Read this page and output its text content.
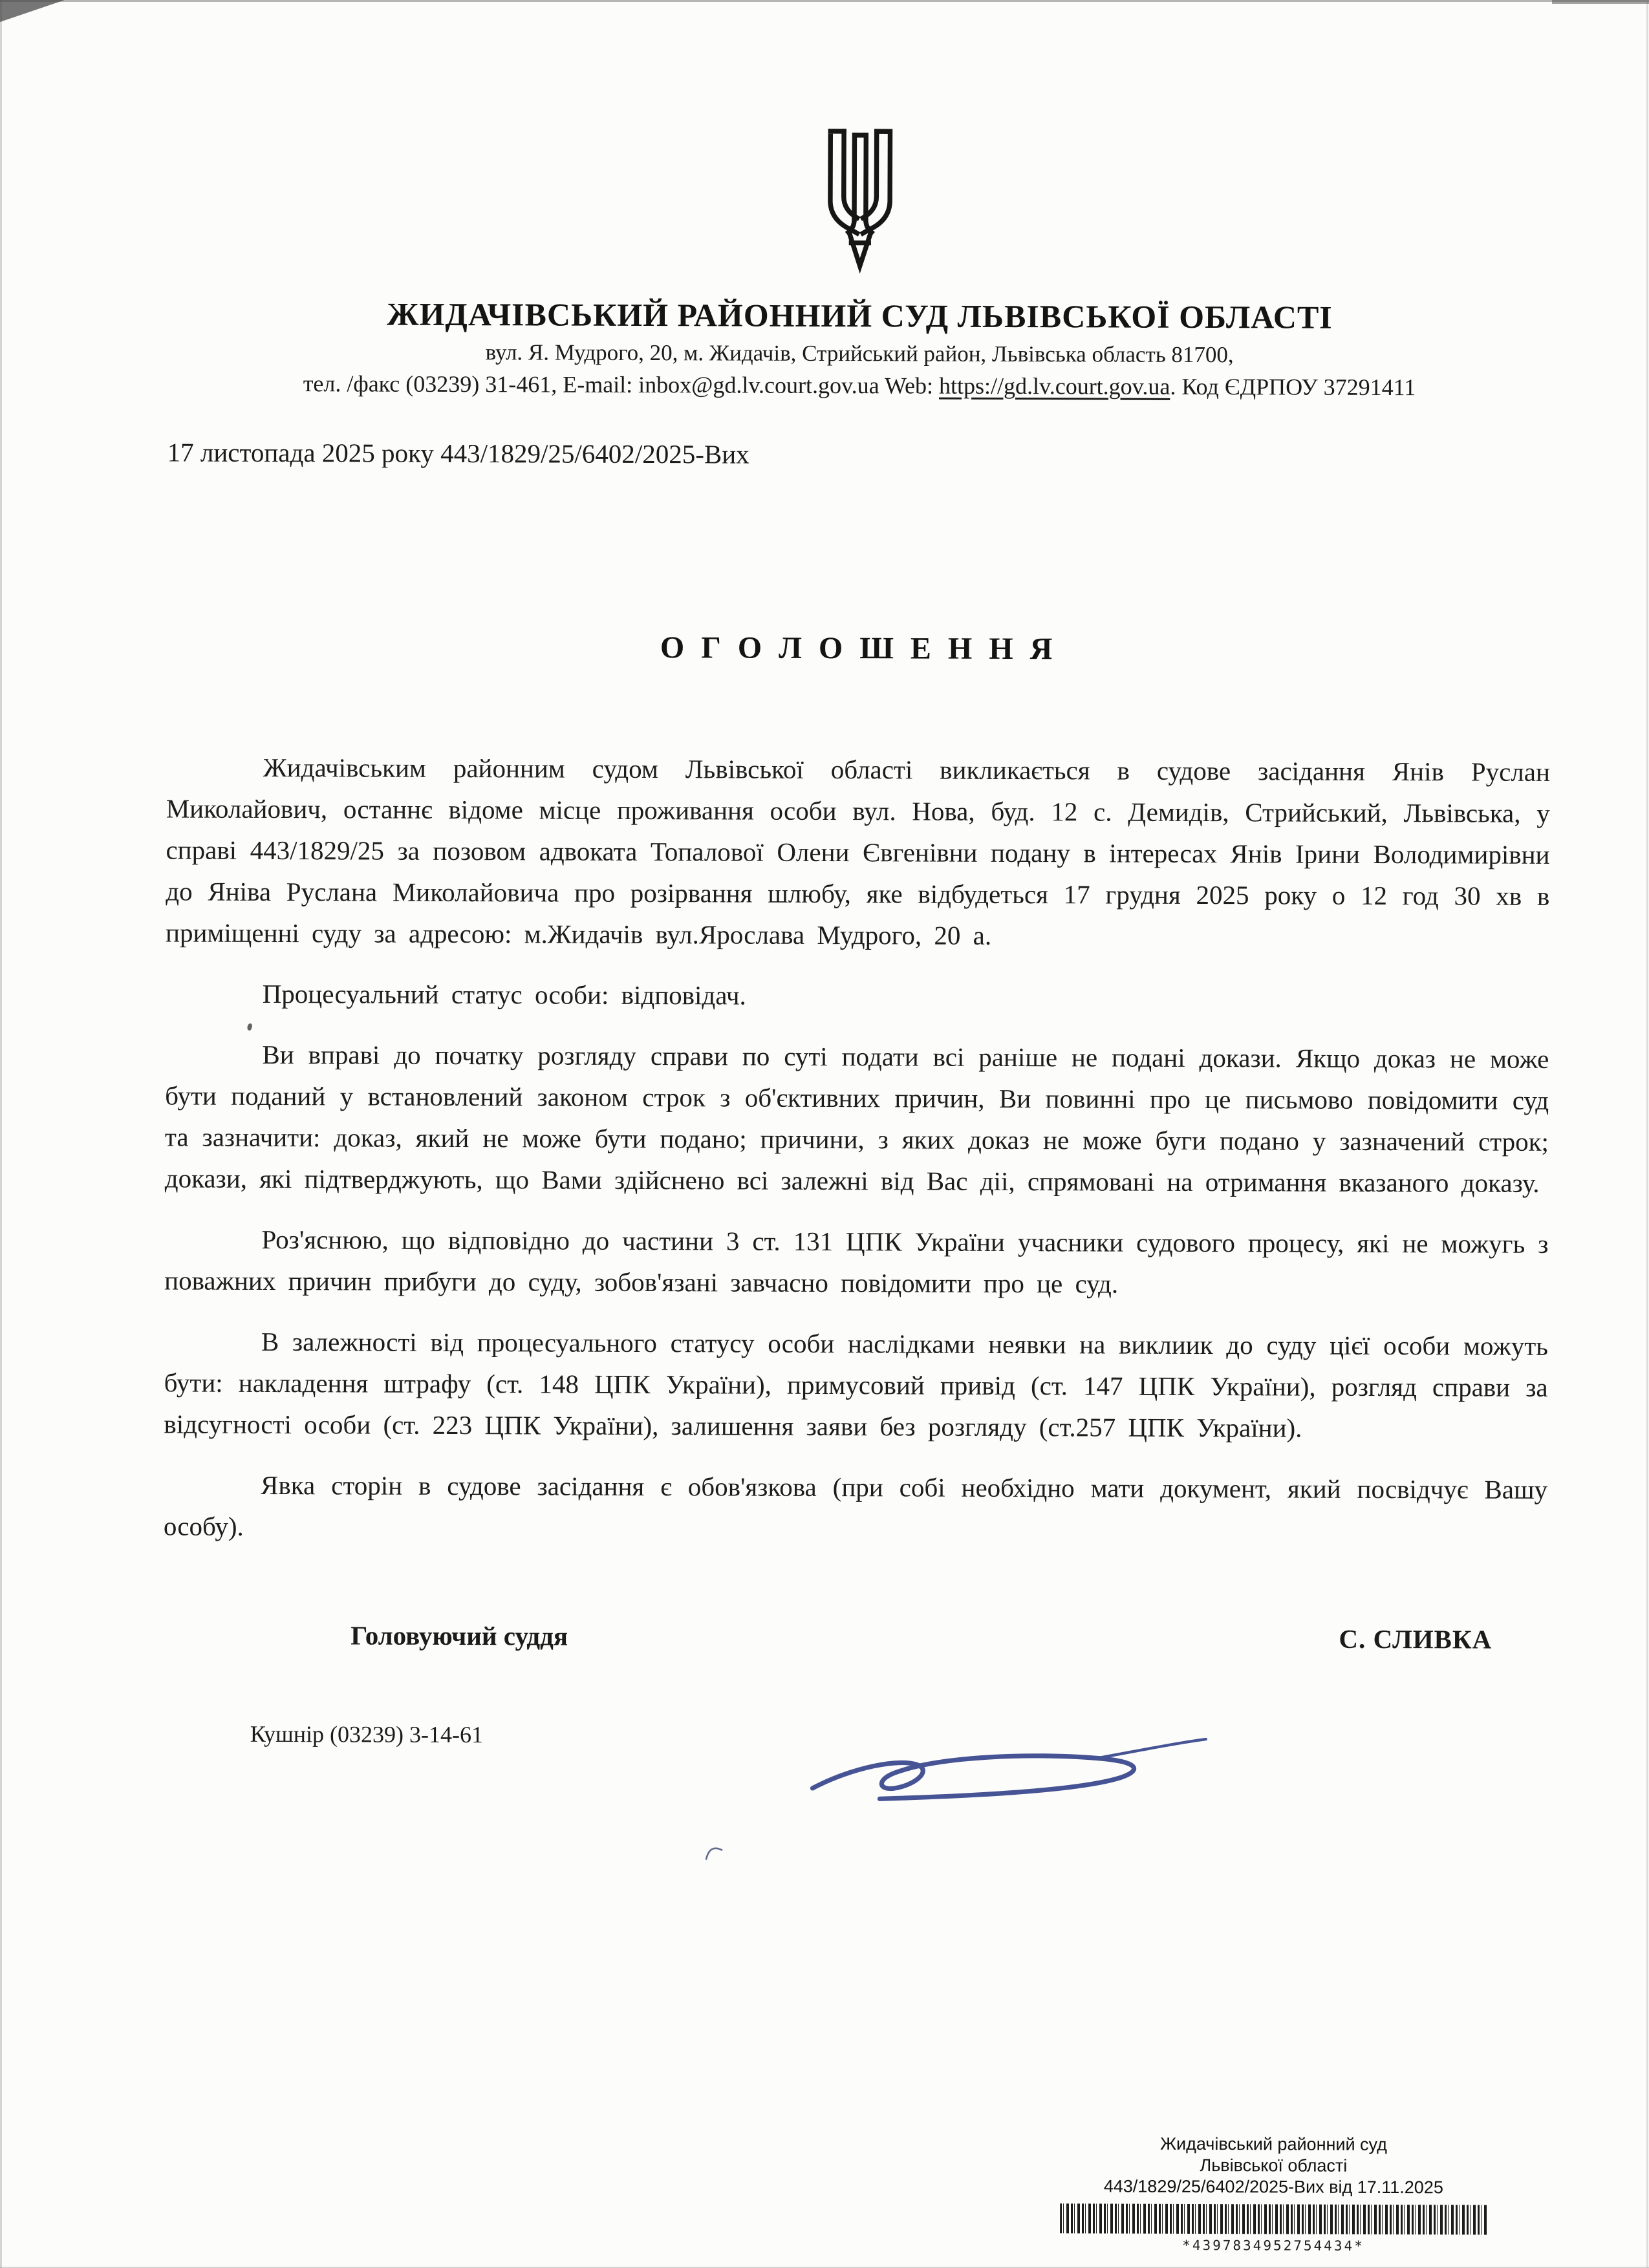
ЖИДАЧІВСЬКИЙ РАЙОННИЙ СУД ЛЬВІВСЬКОЇ ОБЛАСТІ
вул. Я. Мудрого, 20, м. Жидачів, Стрийський район, Львівська область 81700,
тел. /факс (03239) 31-461, E-mail: inbox@gd.lv.court.gov.ua Web: https://gd.lv.court.gov.ua. Код ЄДРПОУ 37291411
17 листопада 2025 року 443/1829/25/6402/2025-Вих
О Г О Л О Ш Е Н Н Я

Жидачівським районним судом Львівської області викликається в судове засідання Янів Руслан Миколайович, останнє відоме місце проживання особи вул. Нова, буд. 12 с. Демидів, Стрийський, Львівська, у справі 443/1829/25 за позовом адвоката Топалової Олени Євгенівни подану в інтересах Янів Ірини Володимирівни до Яніва Руслана Миколайовича про розірвання шлюбу, яке відбудеться 17 грудня 2025 року о 12 год 30 хв в приміщенні суду за адресою: м.Жидачів вул.Ярослава Мудрого, 20 а.

Процесуальний статус особи: відповідач.

Ви вправі до початку розгляду справи по суті подати всі раніше не подані докази. Якщо доказ не може бути поданий у встановлений законом строк з об'єктивних причин, Ви повинні про це письмово повідомити суд та зазначити: доказ, який не може бути подано; причини, з яких доказ не може буги подано у зазначений строк; докази, які підтверджують, що Вами здійснено всі залежні від Вас діі, спрямовані на отримання вказаного доказу.

Роз'яснюю, що відповідно до частини 3 ст. 131 ЦПК України учасники судового процесу, які не можугь з поважних причин прибуги до суду, зобов'язані завчасно повідомити про це суд.

В залежності від процесуального статусу особи наслідками неявки на виклиик до суду цієї особи можуть бути: накладення штрафу (ст. 148 ЦПК України), примусовий привід (ст. 147 ЦПК України), розгляд справи за відсугності особи (ст. 223 ЦПК України), залишення заяви без розгляду (ст.257 ЦПК України).

Явка сторін в судове засідання є обов'язкова (при собі необхідно мати документ, який посвідчує Вашу особу).

Головуючий суддя	С. СЛИВКА
Кушнір (03239) 3-14-61
Жидачівський районний суд
Львівської області
443/1829/25/6402/2025-Вих від 17.11.2025
*4397834952754434*
